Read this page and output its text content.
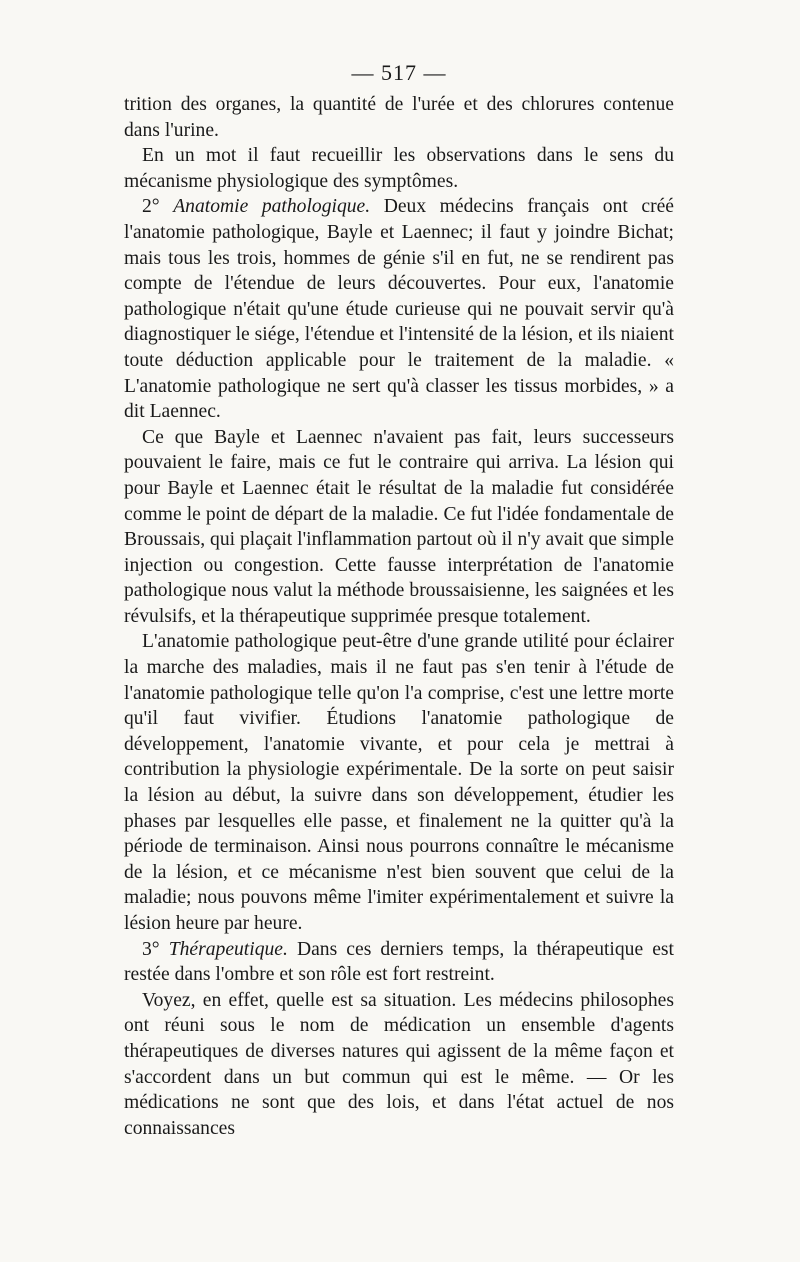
— 517 —

trition des organes, la quantité de l'urée et des chlorures contenue dans l'urine.

En un mot il faut recueillir les observations dans le sens du mécanisme physiologique des symptômes.

2° Anatomie pathologique. Deux médecins français ont créé l'anatomie pathologique, Bayle et Laennec; il faut y joindre Bichat; mais tous les trois, hommes de génie s'il en fut, ne se rendirent pas compte de l'étendue de leurs découvertes. Pour eux, l'anatomie pathologique n'était qu'une étude curieuse qui ne pouvait servir qu'à diagnostiquer le siége, l'étendue et l'intensité de la lésion, et ils niaient toute déduction applicable pour le traitement de la maladie. « L'anatomie pathologique ne sert qu'à classer les tissus morbides, » a dit Laennec.

Ce que Bayle et Laennec n'avaient pas fait, leurs successeurs pouvaient le faire, mais ce fut le contraire qui arriva. La lésion qui pour Bayle et Laennec était le résultat de la maladie fut considérée comme le point de départ de la maladie. Ce fut l'idée fondamentale de Broussais, qui plaçait l'inflammation partout où il n'y avait que simple injection ou congestion. Cette fausse interprétation de l'anatomie pathologique nous valut la méthode broussaisienne, les saignées et les révulsifs, et la thérapeutique supprimée presque totalement.

L'anatomie pathologique peut-être d'une grande utilité pour éclairer la marche des maladies, mais il ne faut pas s'en tenir à l'étude de l'anatomie pathologique telle qu'on l'a comprise, c'est une lettre morte qu'il faut vivifier. Étudions l'anatomie pathologique de développement, l'anatomie vivante, et pour cela je mettrai à contribution la physiologie expérimentale. De la sorte on peut saisir la lésion au début, la suivre dans son développement, étudier les phases par lesquelles elle passe, et finalement ne la quitter qu'à la période de terminaison. Ainsi nous pourrons connaître le mécanisme de la lésion, et ce mécanisme n'est bien souvent que celui de la maladie; nous pouvons même l'imiter expérimentalement et suivre la lésion heure par heure.

3° Thérapeutique. Dans ces derniers temps, la thérapeutique est restée dans l'ombre et son rôle est fort restreint.

Voyez, en effet, quelle est sa situation. Les médecins philosophes ont réuni sous le nom de médication un ensemble d'agents thérapeutiques de diverses natures qui agissent de la même façon et s'accordent dans un but commun qui est le même. — Or les médications ne sont que des lois, et dans l'état actuel de nos connaissances
